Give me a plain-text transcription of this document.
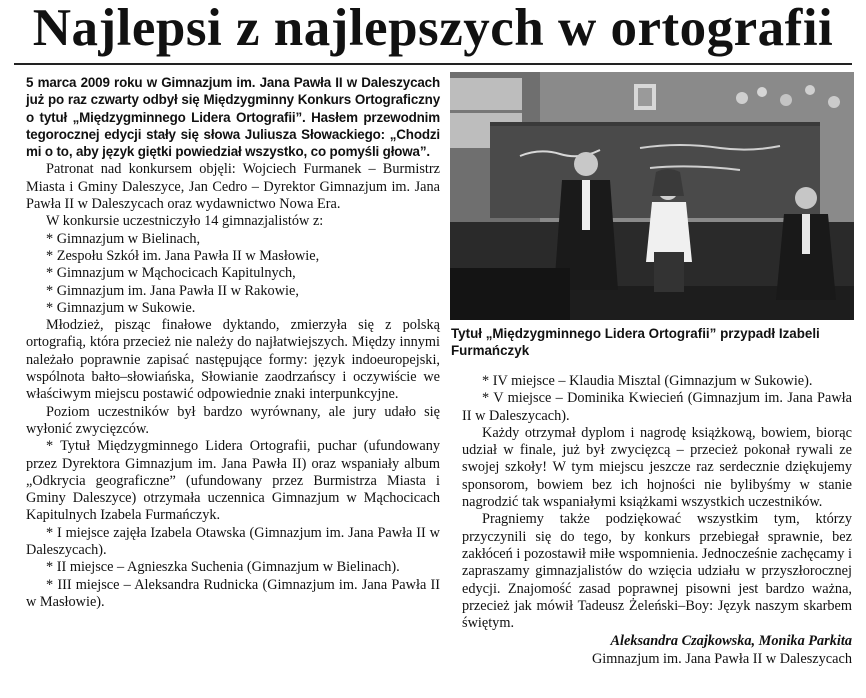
Najlepsi z najlepszych w ortografii

5 marca 2009 roku w Gimnazjum im. Jana Pawła II w Daleszycach już po raz czwarty odbył się Międzygminny Konkurs Ortograficzny o tytuł „Międzygminnego Lidera Ortografii”. Hasłem przewodnim tegorocznej edycji stały się słowa Juliusza Słowackiego: „Chodzi mi o to, aby język giętki powiedział wszystko, co pomyśli głowa”.

Patronat nad konkursem objęli: Wojciech Furmanek – Burmistrz Miasta i Gminy Daleszyce, Jan Cedro – Dyrektor Gimnazjum im. Jana Pawła II w Daleszycach oraz wydawnictwo Nowa Era.

W konkursie uczestniczyło 14 gimnazjalistów z:

* Gimnazjum w Bielinach,

* Zespołu Szkół im. Jana Pawła II w Masłowie,

* Gimnazjum w Mąchocicach Kapitulnych,

* Gimnazjum im. Jana Pawła II w Rakowie,

* Gimnazjum w Sukowie.

Młodzież, pisząc finałowe dyktando, zmierzyła się z polską ortografią, która przecież nie należy do najłatwiejszych. Między innymi należało poprawnie zapisać następujące formy: język indoeuropejski, wspólnota bałto–słowiańska, Słowianie zaodrzańscy i oczywiście we właściwym miejscu postawić odpowiednie znaki interpunkcyjne.

Poziom uczestników był bardzo wyrównany, ale jury udało się wyłonić zwycięzców.

* Tytuł Międzygminnego Lidera Ortografii, puchar (ufundowany przez Dyrektora Gimnazjum im. Jana Pawła II) oraz wspaniały album „Odkrycia geograficzne” (ufundowany przez Burmistrza Miasta i Gminy Daleszyce) otrzymała uczennica Gimnazjum w Mąchocicach Kapitulnych Izabela Furmańczyk.

* I miejsce zajęła Izabela Otawska (Gimnazjum im. Jana Pawła II w Daleszycach).

* II miejsce – Agnieszka Suchenia (Gimnazjum w Bielinach).

* III miejsce – Aleksandra Rudnicka (Gimnazjum im. Jana Pawła II w Masłowie).

Tytuł „Międzygminnego Lidera Ortografii” przypadł Izabeli Furmańczyk

* IV miejsce – Klaudia Misztal (Gimnazjum w Sukowie).

* V miejsce – Dominika Kwiecień (Gimnazjum im. Jana Pawła II w Daleszycach).

Każdy otrzymał dyplom i nagrodę książkową, bowiem, biorąc udział w finale, już był zwycięzcą – przecież pokonał rywali ze swojej szkoły! W tym miejscu jeszcze raz serdecznie dziękujemy sponsorom, bowiem bez ich hojności nie bylibyśmy w stanie nagrodzić tak wspaniałymi książkami wszystkich uczestników.

Pragniemy także podziękować wszystkim tym, którzy przyczynili się do tego, by konkurs przebiegał sprawnie, bez zakłóceń i pozostawił miłe wspomnienia. Jednocześnie zachęcamy i zapraszamy gimnazjalistów do wzięcia udziału w przyszłorocznej edycji. Znajomość zasad poprawnej pisowni jest bardzo ważna, przecież jak mówił Tadeusz Żeleński–Boy: Język naszym skarbem świętym.

Aleksandra Czajkowska, Monika Parkita
Gimnazjum im. Jana Pawła II w Daleszycach
